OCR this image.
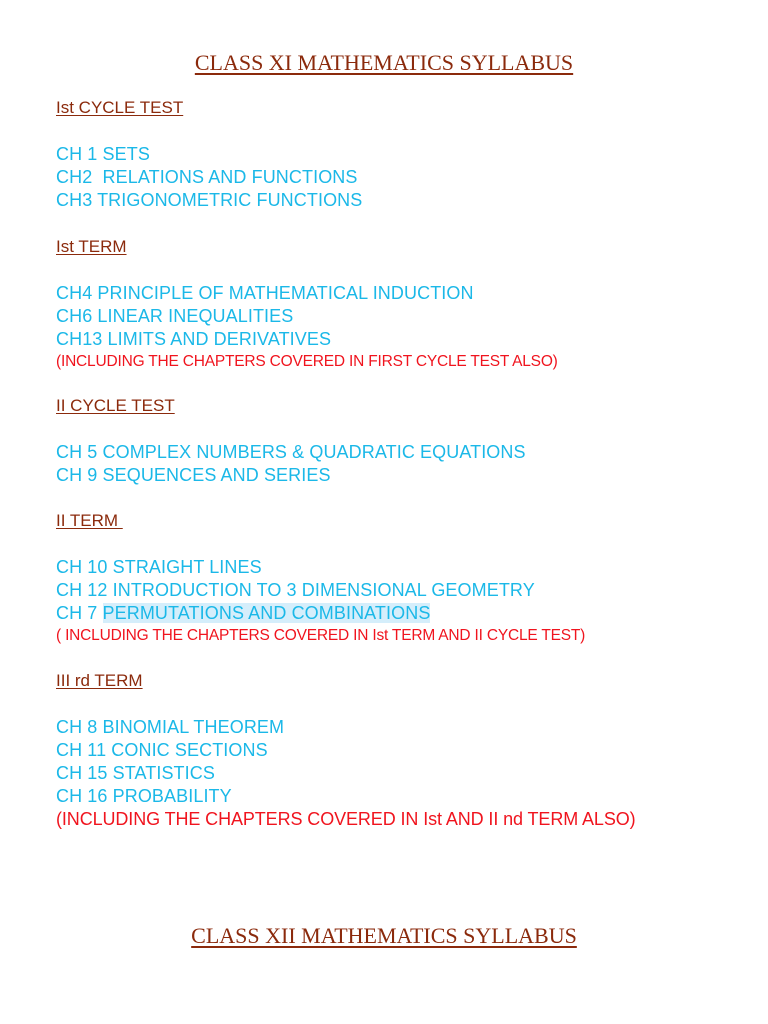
CLASS XI MATHEMATICS SYLLABUS
Ist CYCLE TEST
CH 1 SETS
CH2  RELATIONS AND FUNCTIONS
CH3 TRIGONOMETRIC FUNCTIONS
Ist TERM
CH4 PRINCIPLE OF MATHEMATICAL INDUCTION
CH6 LINEAR INEQUALITIES
CH13 LIMITS AND DERIVATIVES
(INCLUDING THE CHAPTERS COVERED IN FIRST CYCLE TEST ALSO)
II CYCLE TEST
CH 5 COMPLEX NUMBERS & QUADRATIC EQUATIONS
CH 9 SEQUENCES AND SERIES
II TERM
CH 10 STRAIGHT LINES
CH 12 INTRODUCTION TO 3 DIMENSIONAL GEOMETRY
CH 7 PERMUTATIONS AND COMBINATIONS
( INCLUDING THE CHAPTERS COVERED IN Ist TERM AND II CYCLE TEST)
III rd TERM
CH 8 BINOMIAL THEOREM
CH 11 CONIC SECTIONS
CH 15 STATISTICS
CH 16 PROBABILITY
(INCLUDING THE CHAPTERS COVERED IN Ist AND II nd TERM ALSO)
CLASS XII MATHEMATICS SYLLABUS
